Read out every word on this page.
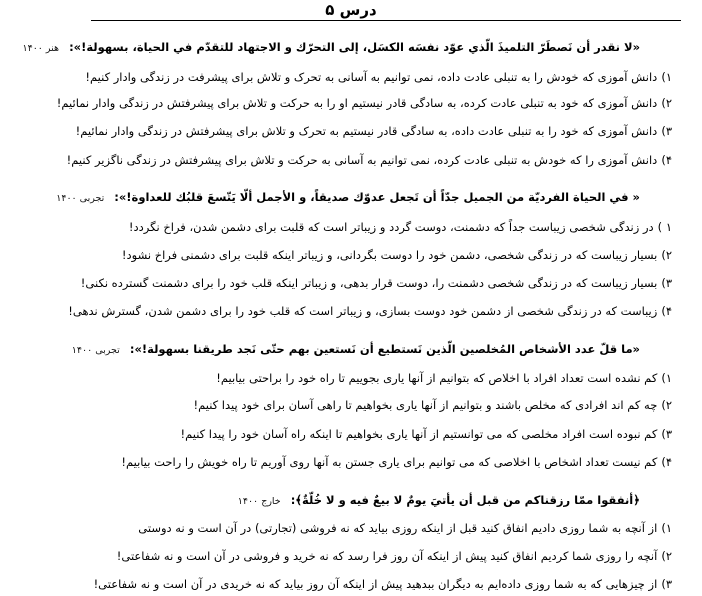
درس ۵
«لا نقدر أن نَصطَرّ التلميذَ الّذي عوّد نفسَه الكسَل، إلى التحرّك و الاجتهاد للتقدّم في الحياة، بسهولة!»: هنر ۱۴۰۰
۱)دانش آموزی که خودش را به تنبلی عادت داده، نمی توانیم به آسانی به تحرک و تلاش برای پیشرفت در زندگی وادار کنیم!
۲)دانش آموزی که خود به تنبلی عادت کرده، به سادگی قادر نیستیم او را به حرکت و تلاش برای پیشرفتش در زندگی وادار نمائیم!
۳)دانش آموزی که خود را به تنبلی عادت داده، به سادگی قادر نیستیم به تحرک و تلاش برای پیشرفتش در زندگی وادار نمائیم!
۴)دانش آموزی را که خودش به تنبلی عادت کرده، نمی توانیم به آسانی به حرکت و تلاش برای پیشرفتش در زندگی ناگزیر کنیم!
« في الحياة الفرديّة من الجميل جدّاً أن تَجعل عدوّك صديقاً، و الأجمل ألّا يَتّسعَ قلبُك للعداوة!»: تجربی ۱۴۰۰
۱ )در زندگی شخصی زیباست جداً که دشمنت، دوست گردد و زیباتر است که قلبت برای دشمن شدن، فراخ نگردد!
۲)بسیار زیباست که در زندگی شخصی، دشمن خود را دوست بگردانی، و زیباتر اینکه قلبت برای دشمنی فراخ نشود!
۳)بسیار زیباست که در زندگی شخصی دشمنت را، دوست قرار بدهی، و زیباتر اینکه قلب خود را برای دشمنت گسترده نکنی!
۴)زیباست که در زندگی شخصی از دشمن خود دوست بسازی، و زیباتر است که قلب خود را برای دشمن شدن، گسترش ندهی!
«ما قلّ عدد الأشخاص المُخلصين الّذين نَستطيع أن نَستعين بهم حتّى نَجد طريقنا بسهولة!»: تجربی ۱۴۰۰
۱)کم نشده است تعداد افراد با اخلاص که بتوانیم از آنها یاری بجوییم تا راه خود را براحتی بیابیم!
۲)چه کم اند افرادی که مخلص باشند و بتوانیم از آنها یاری بخواهیم تا راهی آسان برای خود پیدا کنیم!
۳)کم نبوده است افراد مخلصی که می توانستیم از آنها یاری بخواهیم تا اینکه راه آسان خود را پیدا کنیم!
۴)کم نیست تعداد اشخاص با اخلاصی که می توانیم برای یاری جستن به آنها روی آوریم تا راه خویش را راحت بیابیم!
﴿أنفقوا ممّا رزقناكم من قبل أن يأتيَ يومٌ لا بيعٌ فيه و لا خُلّةٌ﴾: خارج ۱۴۰۰
۱)از آنچه به شما روزی دادیم انفاق کنید قبل از اینکه روزی بیاید که نه فروشی (تجارتی) در آن است و نه دوستی
۲)آنچه را روزی شما کردیم انفاق کنید پیش از اینکه آن روز فرا رسد که نه خرید و فروشی در آن است و نه شفاعتی!
۳)از چیزهایی که به شما روزی داده‌ایم به دیگران ببدهید پیش از اینکه آن روز بیاید که نه خریدی در آن است و نه شفاعتی!
